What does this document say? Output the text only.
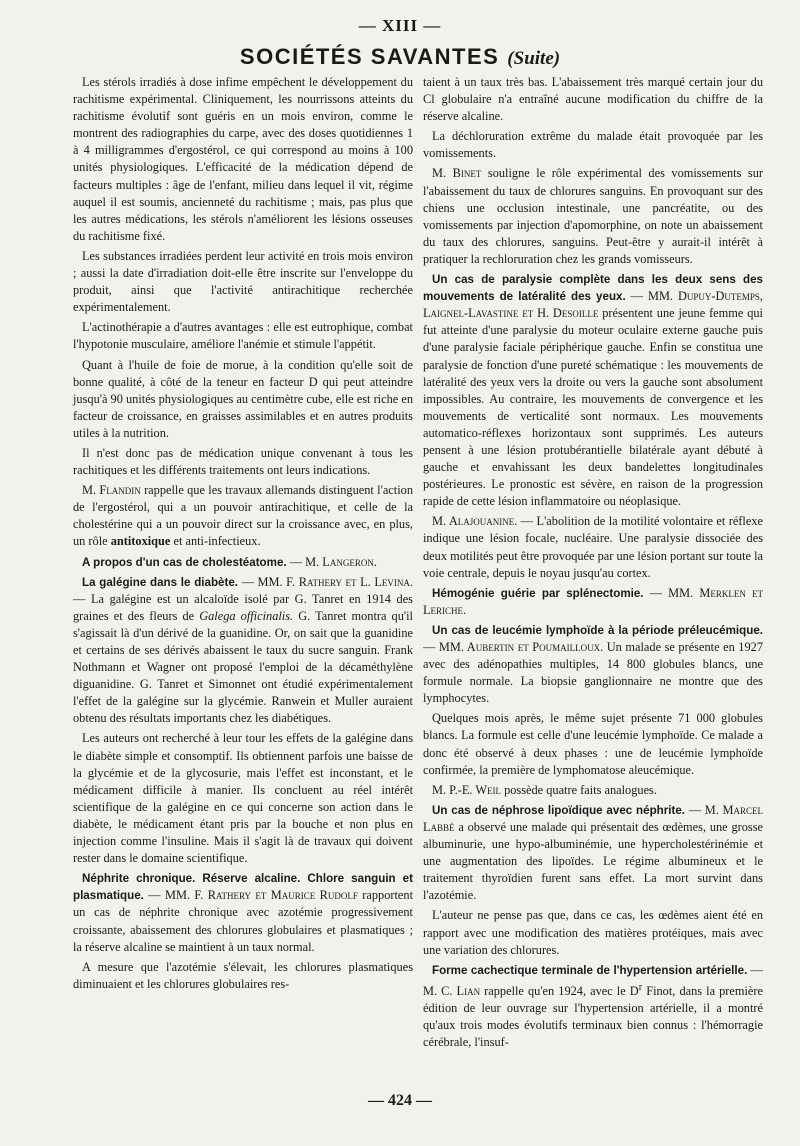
— XIII —
SOCIÉTÉS SAVANTES (Suite)

Les stérols irradiés à dose infime empêchent le développement du rachitisme expérimental. Cliniquement, les nourrissons atteints du rachitisme évolutif sont guéris en un mois environ, comme le montrent des radiographies du carpe, avec des doses quotidiennes 1 à 4 milligrammes d'ergostérol, ce qui correspond au moins à 100 unités physiologiques. L'efficacité de la médication dépend de facteurs multiples : âge de l'enfant, milieu dans lequel il vit, régime auquel il est soumis, ancienneté du rachitisme ; mais, pas plus que les autres médications, les stérols n'améliorent les lésions osseuses du rachitisme fixé.

Les substances irradiées perdent leur activité en trois mois environ ; aussi la date d'irradiation doit-elle être inscrite sur l'enveloppe du produit, ainsi que l'activité antirachitique recherchée expérimentalement.

L'actinothérapie a d'autres avantages : elle est eutrophique, combat l'hypotonie musculaire, améliore l'anémie et stimule l'appétit.

Quant à l'huile de foie de morue, à la condition qu'elle soit de bonne qualité, à côté de la teneur en facteur D qui peut atteindre jusqu'à 90 unités physiologiques au centimètre cube, elle est riche en facteur de croissance, en graisses assimilables et en autres produits utiles à la nutrition.

Il n'est donc pas de médication unique convenant à tous les rachitiques et les différents traitements ont leurs indications.

M. Flandin rappelle que les travaux allemands distinguent l'action de l'ergostérol, qui a un pouvoir antirachitique, et celle de la cholestérine qui a un pouvoir direct sur la croissance avec, en plus, un rôle antitoxique et anti-infectieux.

A propos d'un cas de cholestéatome. — M. Langeron.

La galégine dans le diabète. — MM. F. Rathery et L. Levina. — La galégine est un alcaloïde isolé par G. Tanret en 1914 des graines et des fleurs de Galega officinalis. G. Tanret montra qu'il s'agissait là d'un dérivé de la guanidine. Or, on sait que la guanidine et certains de ses dérivés abaissent le taux du sucre sanguin. Frank Nothmann et Wagner ont proposé l'emploi de la décaméthylène diguanidine. G. Tanret et Simonnet ont étudié expérimentalement l'effet de la galégine sur la glycémie. Ranwein et Muller auraient obtenu des résultats importants chez les diabétiques.

Les auteurs ont recherché à leur tour les effets de la galégine dans le diabète simple et consomptif. Ils obtiennent parfois une baisse de la glycémie et de la glycosurie, mais l'effet est inconstant, et le médicament difficile à manier. Ils concluent au réel intérêt scientifique de la galégine en ce qui concerne son action dans le diabète, le médicament étant pris par la bouche et non plus en injection comme l'insuline. Mais il s'agit là de travaux qui doivent rester dans le domaine scientifique.

Néphrite chronique. Réserve alcaline. Chlore sanguin et plasmatique. — MM. F. Rathery et Maurice Rudolf rapportent un cas de néphrite chronique avec azotémie progressivement croissante, abaissement des chlorures globulaires et plasmatiques ; la réserve alcaline se maintient à un taux normal.

A mesure que l'azotémie s'élevait, les chlorures plasmatiques diminuaient et les chlorures globulaires res-

taient à un taux très bas. L'abaissement très marqué certain jour du Cl globulaire n'a entraîné aucune modification du chiffre de la réserve alcaline.

La déchloruration extrême du malade était provoquée par les vomissements.

M. Binet souligne le rôle expérimental des vomissements sur l'abaissement du taux de chlorures sanguins. En provoquant sur des chiens une occlusion intestinale, une pancréatite, ou des vomissements par injection d'apomorphine, on note un abaissement du taux des chlorures, sanguins. Peut-être y aurait-il intérêt à pratiquer la rechloruration chez les grands vomisseurs.

Un cas de paralysie complète dans les deux sens des mouvements de latéralité des yeux. — MM. Dupuy-Dutemps, Laignel-Lavastine et H. Desoille présentent une jeune femme qui fut atteinte d'une paralysie du moteur oculaire externe gauche puis d'une paralysie faciale périphérique gauche. Enfin se constitua une paralysie de fonction d'une pureté schématique : les mouvements de latéralité des yeux vers la droite ou vers la gauche sont absolument impossibles. Au contraire, les mouvements de convergence et les mouvements de verticalité sont normaux. Les mouvements automatico-réflexes horizontaux sont supprimés. Les auteurs pensent à une lésion protubérantielle bilatérale ayant débuté à gauche et envahissant les deux bandelettes longitudinales postérieures. Le pronostic est sévère, en raison de la progression rapide de cette lésion inflammatoire ou néoplasique.

M. Alajouanine. — L'abolition de la motilité volontaire et réflexe indique une lésion focale, nucléaire. Une paralysie dissociée des deux motilités peut être provoquée par une lésion portant sur toute la voie centrale, depuis le noyau jusqu'au cortex.

Hémogénie guérie par splénectomie. — MM. Merklen et Leriche.

Un cas de leucémie lymphoïde à la période préleucémique. — MM. Aubertin et Poumailloux. Un malade se présente en 1927 avec des adénopathies multiples, 14 800 globules blancs, une formule normale. La biopsie ganglionnaire ne montre que des lymphocytes.

Quelques mois après, le même sujet présente 71 000 globules blancs. La formule est celle d'une leucémie lymphoïde. Ce malade a donc été observé à deux phases : une de leucémie lymphoïde confirmée, la première de lymphomatose aleucémique.

M. P.-E. Weil possède quatre faits analogues.

Un cas de néphrose lipoïdique avec néphrite. — M. Marcel Labbé a observé une malade qui présentait des œdèmes, une grosse albuminurie, une hypo-albuminémie, une hypercholestérinémie et une augmentation des lipoïdes. Le régime albumineux et le traitement thyroïdien furent sans effet. La mort survint dans l'azotémie.

L'auteur ne pense pas que, dans ce cas, les œdèmes aient été en rapport avec une modification des matières protéiques, mais avec une variation des chlorures.

Forme cachectique terminale de l'hypertension artérielle. — M. C. Lian rappelle qu'en 1924, avec le $D^r$ Finot, dans la première édition de leur ouvrage sur l'hypertension artérielle, il a montré qu'aux trois modes évolutifs terminaux bien connus : l'hémorragie cérébrale, l'insuf-

— 424 —
